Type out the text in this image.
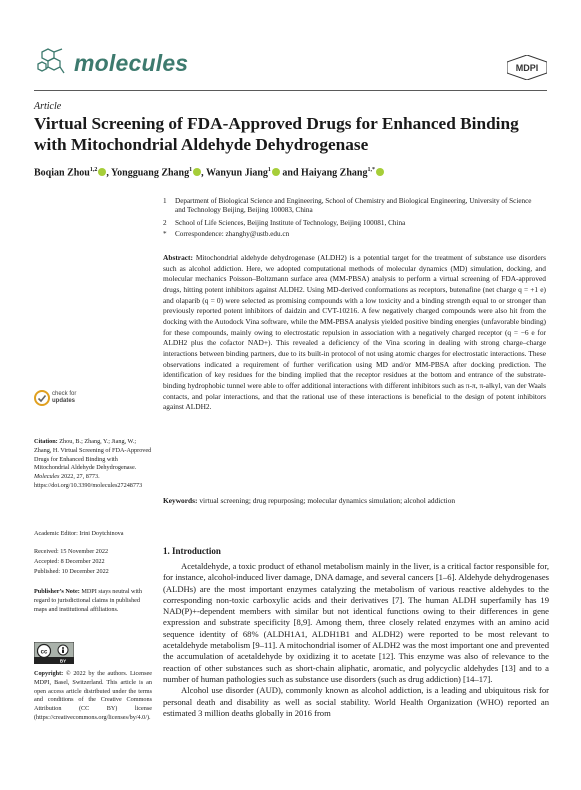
molecules	MDPI
Article
Virtual Screening of FDA-Approved Drugs for Enhanced Binding with Mitochondrial Aldehyde Dehydrogenase
Boqian Zhou$^{1,2}$ , Yongguang Zhang$^1$ , Wanyun Jiang$^1$ and Haiyang Zhang$^{1,*}$
1 Department of Biological Science and Engineering, School of Chemistry and Biological Engineering, University of Science and Technology Beijing, Beijing 100083, China
2 School of Life Sciences, Beijing Institute of Technology, Beijing 100081, China
* Correspondence: zhanghy@ustb.edu.cn
Abstract: Mitochondrial aldehyde dehydrogenase (ALDH2) is a potential target for the treatment of substance use disorders such as alcohol addiction. Here, we adopted computational methods of molecular dynamics (MD) simulation, docking, and molecular mechanics Poisson–Boltzmann surface area (MM-PBSA) analysis to perform a virtual screening of FDA-approved drugs, hitting potent inhibitors against ALDH2. Using MD-derived conformations as receptors, butenafine (net charge q = +1 e) and olaparib (q = 0) were selected as promising compounds with a low toxicity and a binding strength equal to or stronger than previously reported potent inhibitors of daidzin and CVT-10216. A few negatively charged compounds were also hit from the docking with the Autodock Vina software, while the MM-PBSA analysis yielded positive binding energies (unfavorable binding) for these compounds, mainly owing to electrostatic repulsion in association with a negatively charged receptor (q = −6 e for ALDH2 plus the cofactor NAD+). This revealed a deficiency of the Vina scoring in dealing with strong charge–charge interactions between binding partners, due to its built-in protocol of not using atomic charges for electrostatic interactions. These observations indicated a requirement of further verification using MD and/or MM-PBSA after docking prediction. The identification of key residues for the binding implied that the receptor residues at the bottom and entrance of the substrate-binding hydrophobic tunnel were able to offer additional interactions with different inhibitors such as π-π, π-alkyl, van der Waals contacts, and polar interactions, and that the rational use of these interactions is beneficial to the design of potent inhibitors against ALDH2.
Keywords: virtual screening; drug repurposing; molecular dynamics simulation; alcohol addiction
check for
updates
Citation: Zhou, B.; Zhang, Y.; Jiang, W.; Zhang, H. Virtual Screening of FDA-Approved Drugs for Enhanced Binding with Mitochondrial Aldehyde Dehydrogenase. Molecules 2022, 27, 8773. https://doi.org/10.3390/molecules27248773
Academic Editor: Irini Doytchinova
Received: 15 November 2022
Accepted: 8 December 2022
Published: 10 December 2022
Publisher’s Note: MDPI stays neutral with regard to jurisdictional claims in published maps and institutional affiliations.
cc
BY
Copyright: © 2022 by the authors. Licensee MDPI, Basel, Switzerland. This article is an open access article distributed under the terms and conditions of the Creative Commons Attribution (CC BY) license (https://creativecommons.org/licenses/by/4.0/).
1. Introduction

Acetaldehyde, a toxic product of ethanol metabolism mainly in the liver, is a critical factor responsible for, for instance, alcohol-induced liver damage, DNA damage, and several cancers [1–6]. Aldehyde dehydrogenases (ALDHs) are the most important enzymes catalyzing the metabolism of various reactive aldehydes to the corresponding non-toxic carboxylic acids and their derivatives [7]. The human ALDH superfamily has 19 NAD(P)+-dependent members with similar but not identical functions owing to their differences in gene expression and substrate specificity [8,9]. Among them, three closely related enzymes with an amino acid sequence identity of 68% (ALDH1A1, ALDH1B1 and ALDH2) were reported to be most relevant to acetaldehyde metabolism [9–11]. A mitochondrial isomer of ALDH2 was the most important one and prevented the accumulation of acetaldehyde by oxidizing it to acetate [12]. This enzyme was also of relevance to the reaction of other substances such as short-chain aliphatic, aromatic, and polycyclic aldehydes [13] and to a number of human pathologies such as substance use disorders (such as drug addiction) [14–17].

Alcohol use disorder (AUD), commonly known as alcohol addiction, is a leading and ubiquitous risk for personal death and disability as well as social stability. World Health Organization (WHO) reported an estimated 3 million deaths globally in 2016 from
